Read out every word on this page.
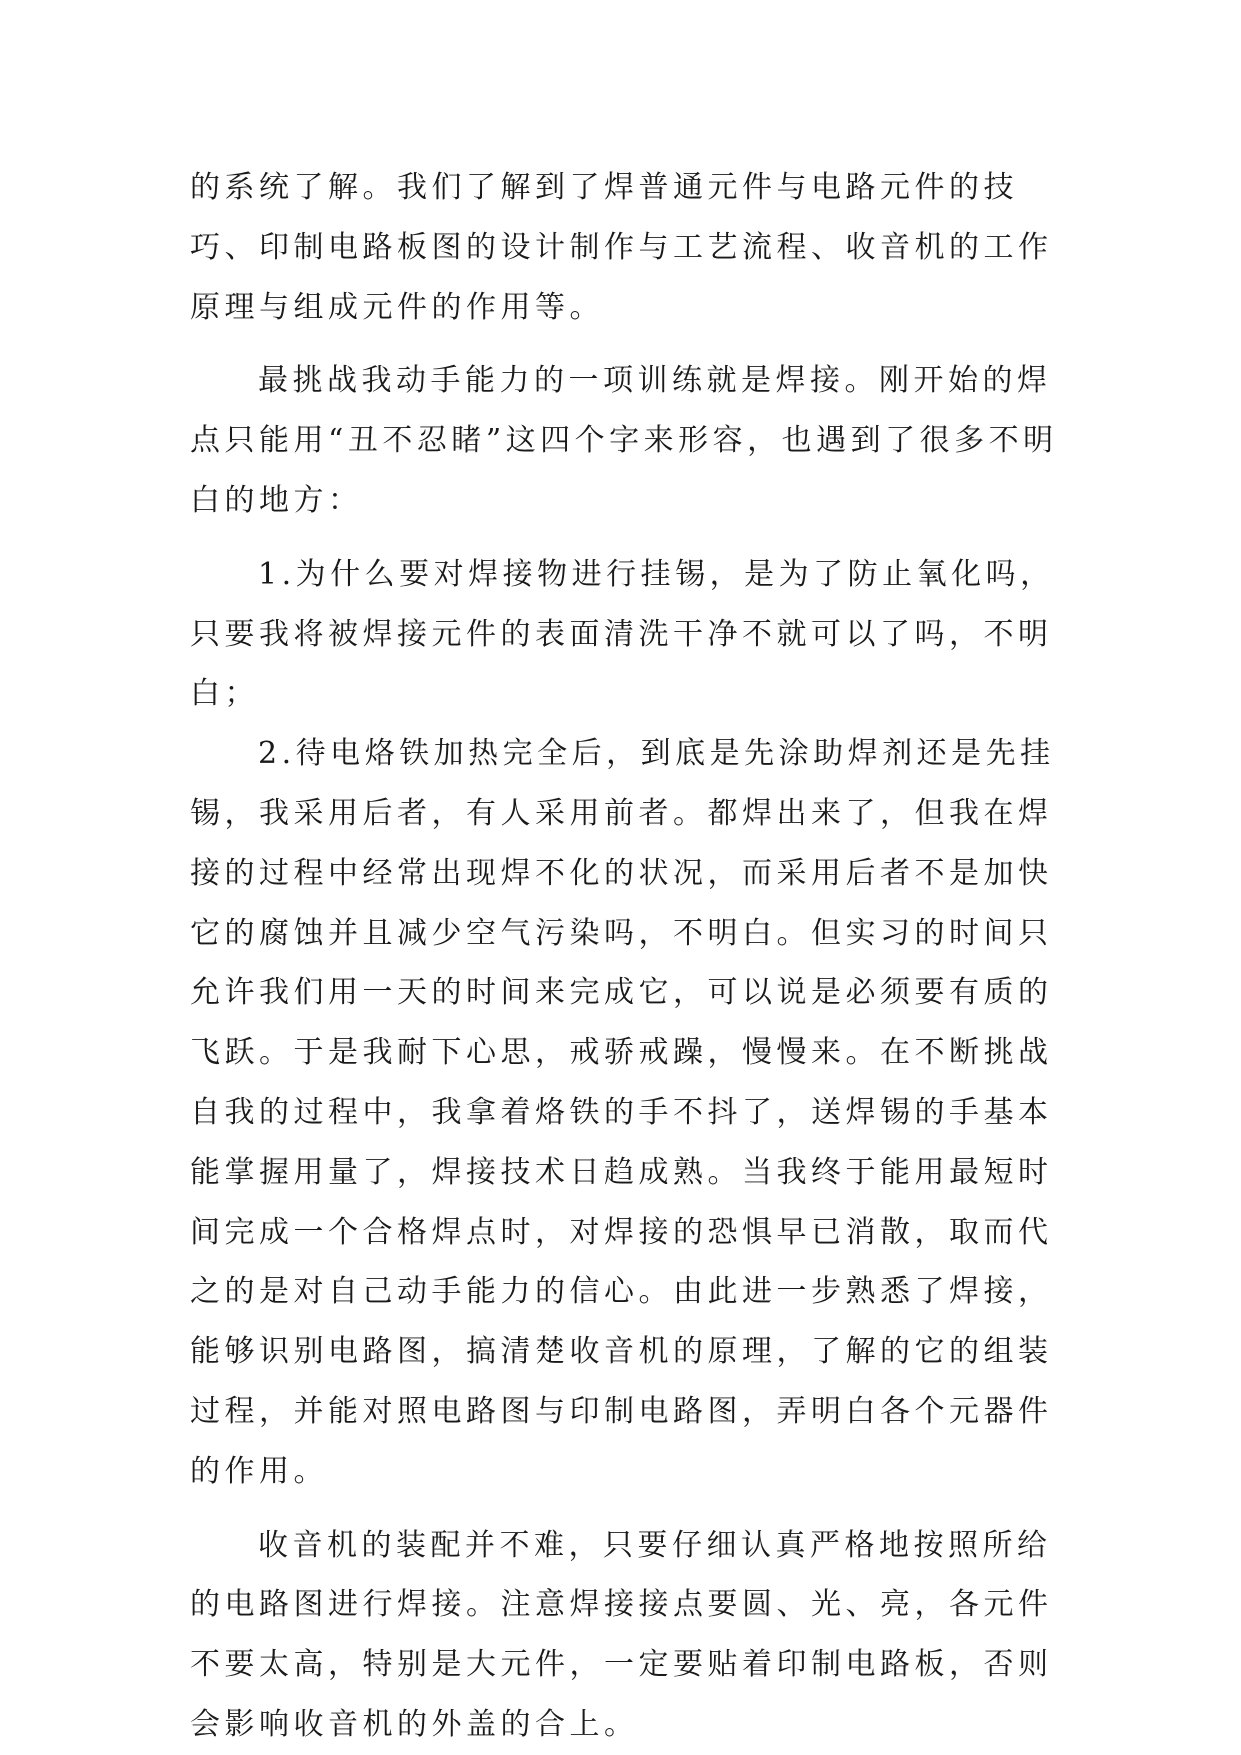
的系统了解。我们了解到了焊普通元件与电路元件的技巧、印制电路板图的设计制作与工艺流程、收音机的工作原理与组成元件的作用等。

最挑战我动手能力的一项训练就是焊接。刚开始的焊点只能用“丑不忍睹”这四个字来形容，也遇到了很多不明白的地方：

1.为什么要对焊接物进行挂锡，是为了防止氧化吗，只要我将被焊接元件的表面清洗干净不就可以了吗，不明白；

2.待电烙铁加热完全后，到底是先涂助焊剂还是先挂锡，我采用后者，有人采用前者。都焊出来了，但我在焊接的过程中经常出现焊不化的状况，而采用后者不是加快它的腐蚀并且减少空气污染吗，不明白。但实习的时间只允许我们用一天的时间来完成它，可以说是必须要有质的飞跃。于是我耐下心思，戒骄戒躁，慢慢来。在不断挑战自我的过程中，我拿着烙铁的手不抖了，送焊锡的手基本能掌握用量了，焊接技术日趋成熟。当我终于能用最短时间完成一个合格焊点时，对焊接的恐惧早已消散，取而代之的是对自己动手能力的信心。由此进一步熟悉了焊接，能够识别电路图，搞清楚收音机的原理，了解的它的组装过程，并能对照电路图与印制电路图，弄明白各个元器件的作用。

收音机的装配并不难，只要仔细认真严格地按照所给的电路图进行焊接。注意焊接接点要圆、光、亮，各元件不要太高，特别是大元件，一定要贴着印制电路板，否则会影响收音机的外盖的合上。
